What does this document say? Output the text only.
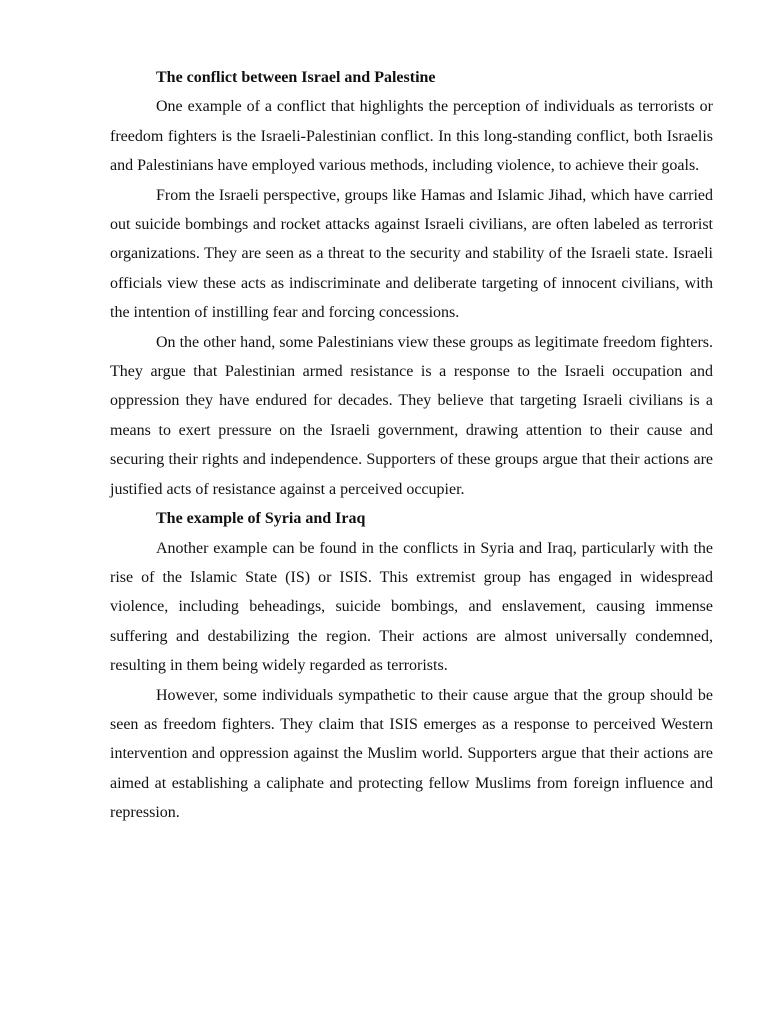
The conflict between Israel and Palestine

One example of a conflict that highlights the perception of individuals as terrorists or freedom fighters is the Israeli-Palestinian conflict. In this long-standing conflict, both Israelis and Palestinians have employed various methods, including violence, to achieve their goals.

From the Israeli perspective, groups like Hamas and Islamic Jihad, which have carried out suicide bombings and rocket attacks against Israeli civilians, are often labeled as terrorist organizations. They are seen as a threat to the security and stability of the Israeli state. Israeli officials view these acts as indiscriminate and deliberate targeting of innocent civilians, with the intention of instilling fear and forcing concessions.

On the other hand, some Palestinians view these groups as legitimate freedom fighters. They argue that Palestinian armed resistance is a response to the Israeli occupation and oppression they have endured for decades. They believe that targeting Israeli civilians is a means to exert pressure on the Israeli government, drawing attention to their cause and securing their rights and independence. Supporters of these groups argue that their actions are justified acts of resistance against a perceived occupier.

The example of Syria and Iraq

Another example can be found in the conflicts in Syria and Iraq, particularly with the rise of the Islamic State (IS) or ISIS. This extremist group has engaged in widespread violence, including beheadings, suicide bombings, and enslavement, causing immense suffering and destabilizing the region. Their actions are almost universally condemned, resulting in them being widely regarded as terrorists.

However, some individuals sympathetic to their cause argue that the group should be seen as freedom fighters. They claim that ISIS emerges as a response to perceived Western intervention and oppression against the Muslim world. Supporters argue that their actions are aimed at establishing a caliphate and protecting fellow Muslims from foreign influence and repression.
